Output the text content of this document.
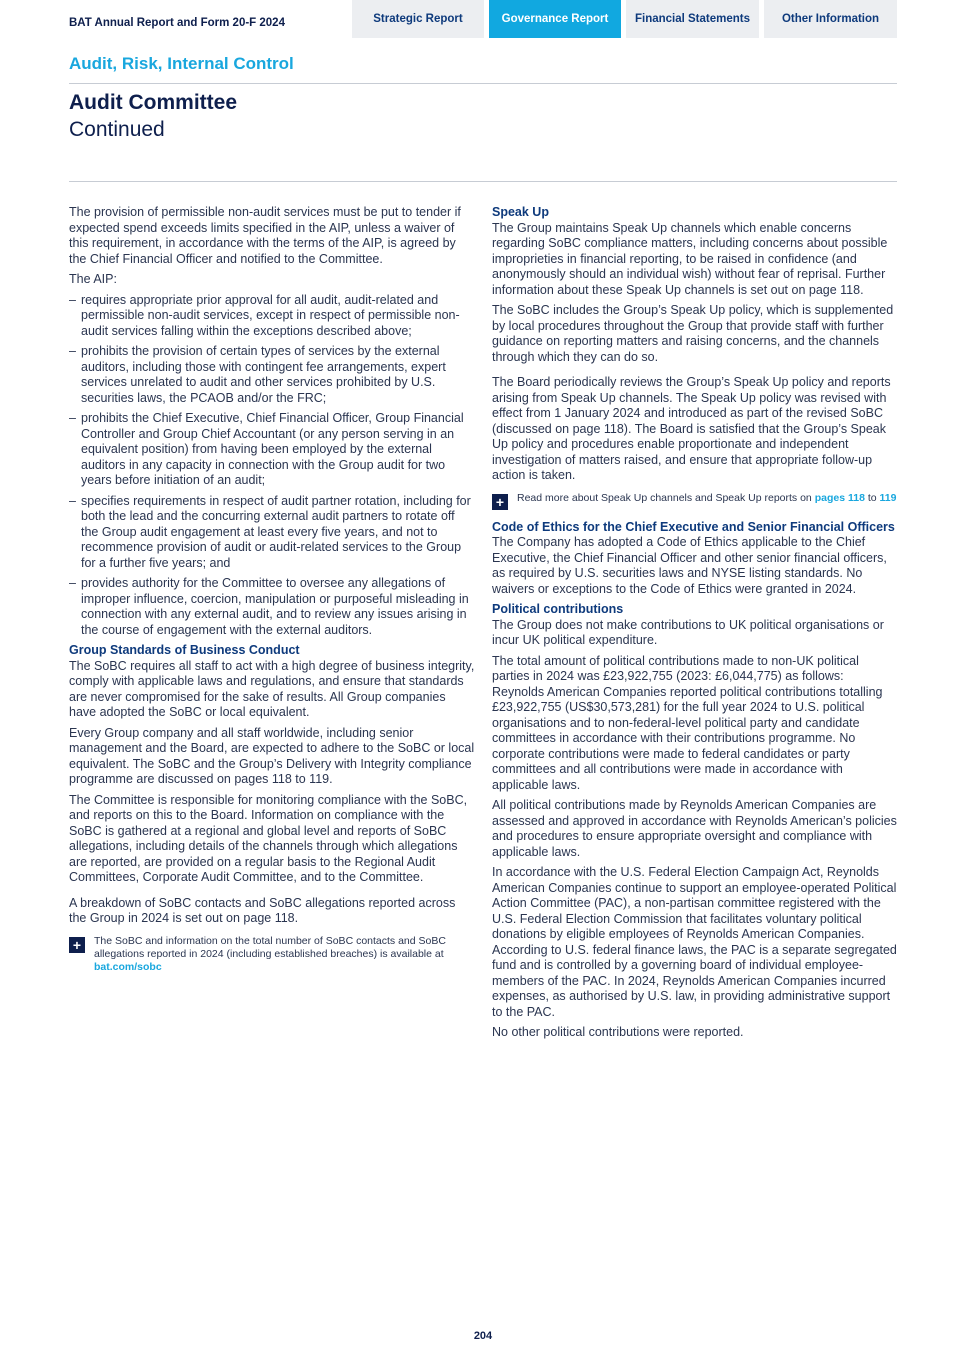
BAT Annual Report and Form 20-F 2024	Strategic Report	Governance Report	Financial Statements	Other Information
Audit, Risk, Internal Control
Audit Committee
Continued

The provision of permissible non-audit services must be put to tender if expected spend exceeds limits specified in the AIP, unless a waiver of this requirement, in accordance with the terms of the AIP, is agreed by the Chief Financial Officer and notified to the Committee.

The AIP:

– requires appropriate prior approval for all audit, audit-related and permissible non-audit services, except in respect of permissible non-audit services falling within the exceptions described above;
– prohibits the provision of certain types of services by the external auditors, including those with contingent fee arrangements, expert services unrelated to audit and other services prohibited by U.S. securities laws, the PCAOB and/or the FRC;
– prohibits the Chief Executive, Chief Financial Officer, Group Financial Controller and Group Chief Accountant (or any person serving in an equivalent position) from having been employed by the external auditors in any capacity in connection with the Group audit for two years before initiation of an audit;
– specifies requirements in respect of audit partner rotation, including for both the lead and the concurring external audit partners to rotate off the Group audit engagement at least every five years, and not to recommence provision of audit or audit-related services to the Group for a further five years; and
– provides authority for the Committee to oversee any allegations of improper influence, coercion, manipulation or purposeful misleading in connection with any external audit, and to review any issues arising in the course of engagement with the external auditors.
Group Standards of Business Conduct

The SoBC requires all staff to act with a high degree of business integrity, comply with applicable laws and regulations, and ensure that standards are never compromised for the sake of results. All Group companies have adopted the SoBC or local equivalent.

Every Group company and all staff worldwide, including senior management and the Board, are expected to adhere to the SoBC or local equivalent. The SoBC and the Group’s Delivery with Integrity compliance programme are discussed on pages 118 to 119.

The Committee is responsible for monitoring compliance with the SoBC, and reports on this to the Board. Information on compliance with the SoBC is gathered at a regional and global level and reports of SoBC allegations, including details of the channels through which allegations are reported, are provided on a regular basis to the Regional Audit Committees, Corporate Audit Committee, and to the Committee.

A breakdown of SoBC contacts and SoBC allegations reported across the Group in 2024 is set out on page 118.

+	The SoBC and information on the total number of SoBC contacts and SoBC allegations reported in 2024 (including established breaches) is available at bat.com/sobc
Speak Up

The Group maintains Speak Up channels which enable concerns regarding SoBC compliance matters, including concerns about possible improprieties in financial reporting, to be raised in confidence (and anonymously should an individual wish) without fear of reprisal. Further information about these Speak Up channels is set out on page 118.

The SoBC includes the Group’s Speak Up policy, which is supplemented by local procedures throughout the Group that provide staff with further guidance on reporting matters and raising concerns, and the channels through which they can do so.

The Board periodically reviews the Group’s Speak Up policy and reports arising from Speak Up channels. The Speak Up policy was revised with effect from 1 January 2024 and introduced as part of the revised SoBC (discussed on page 118). The Board is satisfied that the Group’s Speak Up policy and procedures enable proportionate and independent investigation of matters raised, and ensure that appropriate follow-up action is taken.

+	Read more about Speak Up channels and Speak Up reports on pages 118 to 119
Code of Ethics for the Chief Executive and Senior Financial Officers

The Company has adopted a Code of Ethics applicable to the Chief Executive, the Chief Financial Officer and other senior financial officers, as required by U.S. securities laws and NYSE listing standards. No waivers or exceptions to the Code of Ethics were granted in 2024.

Political contributions

The Group does not make contributions to UK political organisations or incur UK political expenditure.

The total amount of political contributions made to non-UK political parties in 2024 was £23,922,755 (2023: £6,044,775) as follows: Reynolds American Companies reported political contributions totalling £23,922,755 (US$30,573,281) for the full year 2024 to U.S. political organisations and to non-federal-level political party and candidate committees in accordance with their contributions programme. No corporate contributions were made to federal candidates or party committees and all contributions were made in accordance with applicable laws.

All political contributions made by Reynolds American Companies are assessed and approved in accordance with Reynolds American’s policies and procedures to ensure appropriate oversight and compliance with applicable laws.

In accordance with the U.S. Federal Election Campaign Act, Reynolds American Companies continue to support an employee-operated Political Action Committee (PAC), a non-partisan committee registered with the U.S. Federal Election Commission that facilitates voluntary political donations by eligible employees of Reynolds American Companies. According to U.S. federal finance laws, the PAC is a separate segregated fund and is controlled by a governing board of individual employee-members of the PAC. In 2024, Reynolds American Companies incurred expenses, as authorised by U.S. law, in providing administrative support to the PAC.

No other political contributions were reported.

204
